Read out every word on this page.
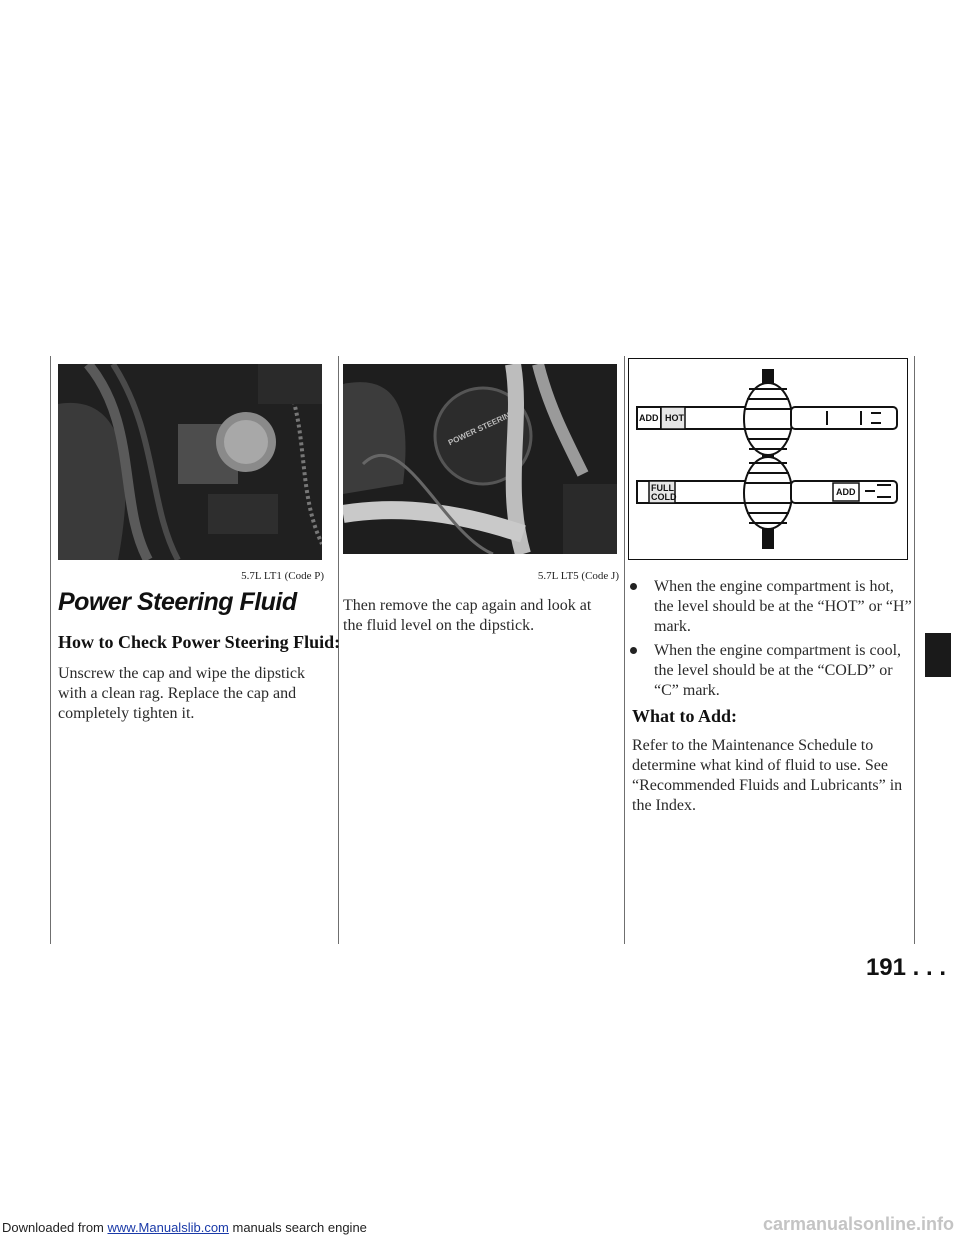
5.7L LT1 (Code P)
POWER STEERING
5.7L LT5 (Code J)
ADD HOT
FULL
COLD	ADD
Power Steering Fluid
How to Check Power Steering Fluid:

Unscrew the cap and wipe the dipstick with a clean rag. Replace the cap and completely tighten it.

Then remove the cap again and look at the fluid level on the dipstick.

When the engine compartment is hot, the level should be at the “HOT” or “H” mark.
When the engine compartment is cool, the level should be at the “COLD” or “C” mark.
What to Add:

Refer to the Maintenance Schedule to determine what kind of fluid to use. See “Recommended Fluids and Lubricants” in the Index.

191 . . .
Downloaded from www.Manualslib.com manuals search engine	carmanualsonline.info
